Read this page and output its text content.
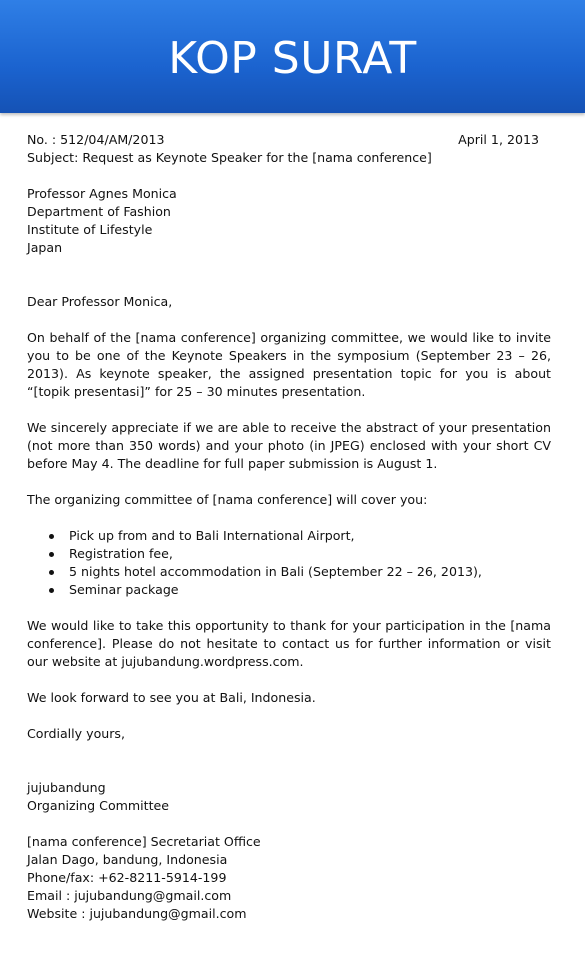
KOP SURAT
No. : 512/04/AM/2013	April 1, 2013
Subject: Request as Keynote Speaker for the [nama conference]
Professor Agnes Monica
Department of Fashion
Institute of Lifestyle
Japan
Dear Professor Monica,
On behalf of the [nama conference] organizing committee, we would like to invite you to be one of the Keynote Speakers in the symposium (September 23 – 26, 2013). As keynote speaker, the assigned presentation topic for you is about “[topik presentasi]” for 25 – 30 minutes presentation.
We sincerely appreciate if we are able to receive the abstract of your presentation (not more than 350 words) and your photo (in JPEG) enclosed with your short CV before May 4. The deadline for full paper submission is August 1.
The organizing committee of [nama conference] will cover you:
Pick up from and to Bali International Airport,
Registration fee,
5 nights hotel accommodation in Bali (September 22 – 26, 2013),
Seminar package
We would like to take this opportunity to thank for your participation in the [nama conference]. Please do not hesitate to contact us for further information or visit our website at jujubandung.wordpress.com.
We look forward to see you at Bali, Indonesia.
Cordially yours,
jujubandung
Organizing Committee
[nama conference] Secretariat Office
Jalan Dago, bandung, Indonesia
Phone/fax: +62-8211-5914-199
Email : jujubandung@gmail.com
Website : jujubandung@gmail.com
